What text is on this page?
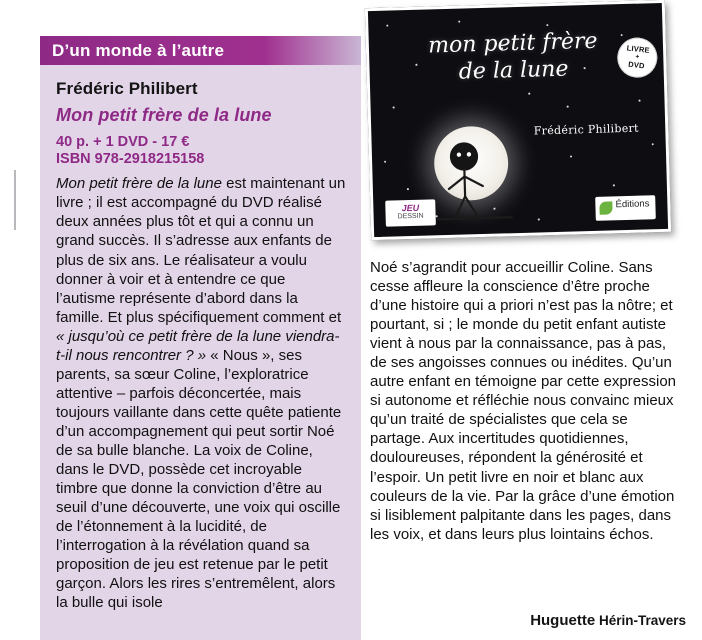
D’un monde à l’autre
Frédéric Philibert
Mon petit frère de la lune
40 p. + 1 DVD - 17 €
ISBN 978-2918215158

Mon petit frère de la lune est maintenant un livre ; il est accompagné du DVD réalisé deux années plus tôt et qui a connu un grand succès. Il s’adresse aux enfants de plus de six ans. Le réalisateur a voulu donner à voir et à entendre ce que l’autisme représente d’abord dans la famille. Et plus spécifiquement comment et « jusqu’où ce petit frère de la lune viendra-t-il nous rencontrer ? » « Nous », ses parents, sa sœur Coline, l’exploratrice attentive – parfois déconcertée, mais toujours vaillante dans cette quête patiente d’un accompagnement qui peut sortir Noé de sa bulle blanche. La voix de Coline, dans le DVD, possède cet incroyable timbre que donne la conviction d’être au seuil d’une découverte, une voix qui oscille de l’étonnement à la lucidité, de l’interrogation à la révélation quand sa proposition de jeu est retenue par le petit garçon. Alors les rires s’entremêlent, alors la bulle qui isole

Noé s’agrandit pour accueillir Coline. Sans cesse affleure la conscience d’être proche d’une histoire qui a priori n’est pas la nôtre; et pourtant, si ; le monde du petit enfant autiste vient à nous par la connaissance, pas à pas, de ses angoisses connues ou inédites. Qu’un autre enfant en témoigne par cette expression si autonome et réfléchie nous convainc mieux qu’un traité de spécialistes que cela se partage. Aux incertitudes quotidiennes, douloureuses, répondent la générosité et l’espoir. Un petit livre en noir et blanc aux couleurs de la vie. Par la grâce d’une émotion si lisiblement palpitante dans les pages, dans les voix, et dans leurs plus lointains échos.

Huguette Hérin-Travers
mon petit frère
de la lune
Frédéric Philibert
LIVRE
+
DVD
JEU
DESSIN
Éditions
